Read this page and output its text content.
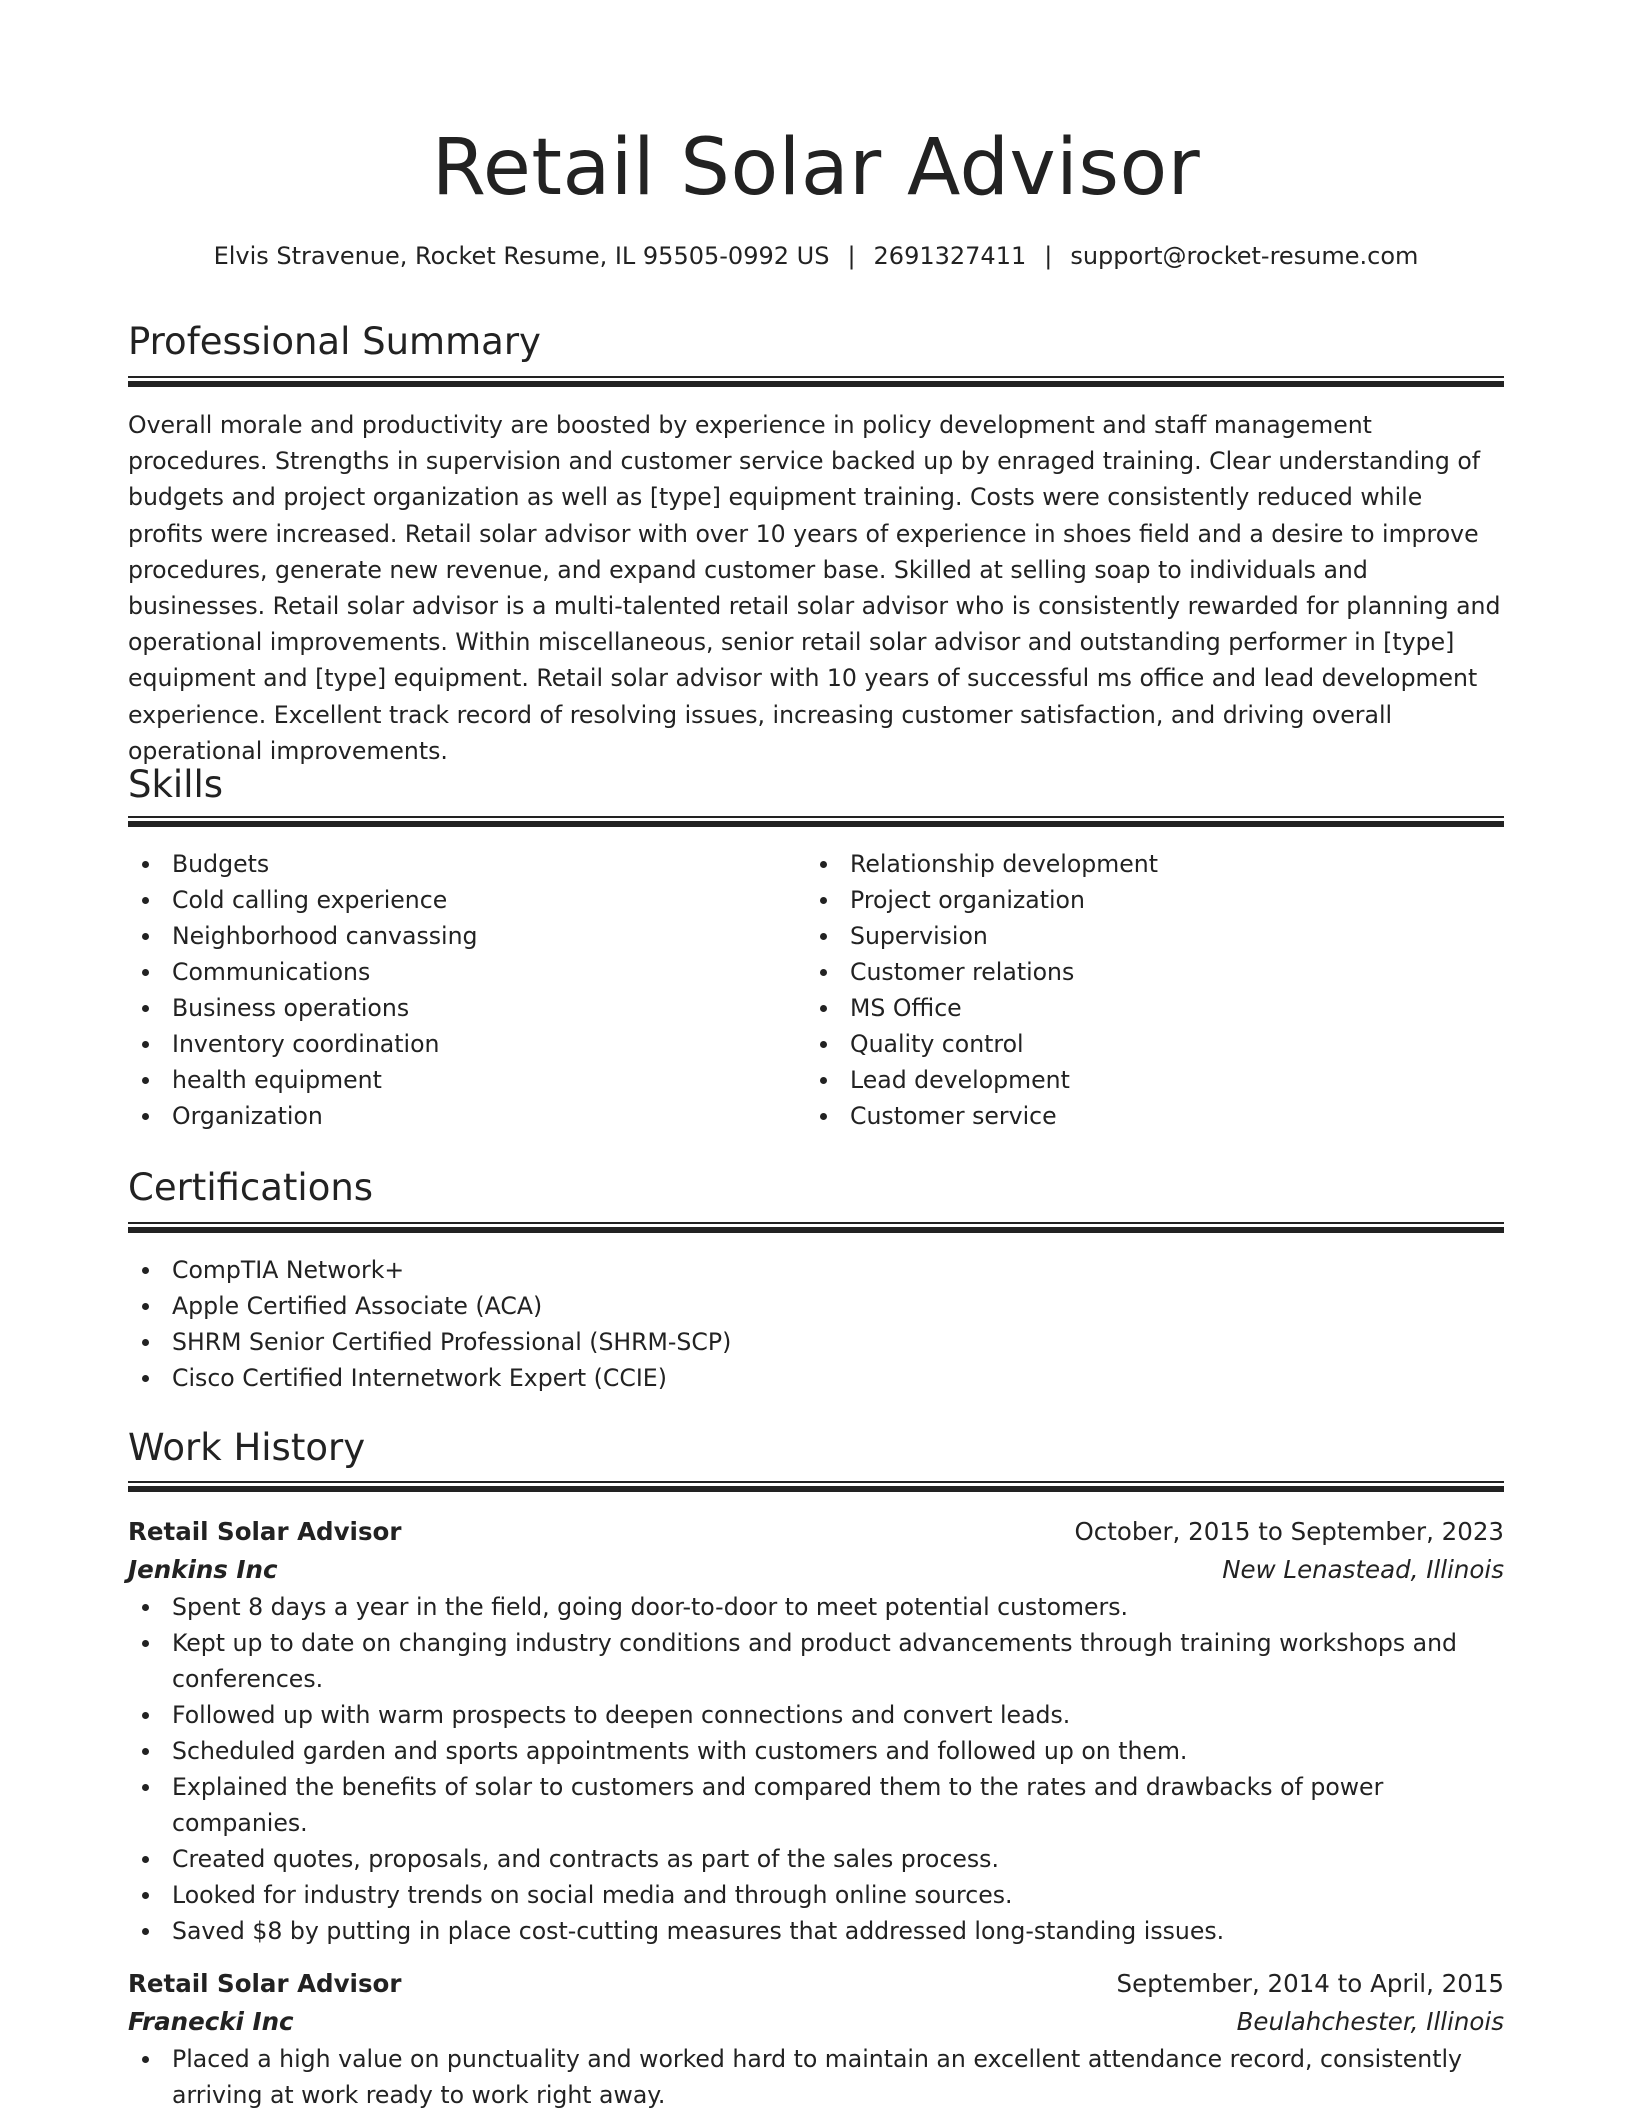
Retail Solar Advisor
Elvis Stravenue, Rocket Resume, IL 95505-0992 US | 2691327411 | support@rocket-resume.com
Professional Summary

Overall morale and productivity are boosted by experience in policy development and staff management procedures. Strengths in supervision and customer service backed up by enraged training. Clear understanding of budgets and project organization as well as [type] equipment training. Costs were consistently reduced while profits were increased. Retail solar advisor with over 10 years of experience in shoes field and a desire to improve procedures, generate new revenue, and expand customer base. Skilled at selling soap to individuals and businesses. Retail solar advisor is a multi-talented retail solar advisor who is consistently rewarded for planning and operational improvements. Within miscellaneous, senior retail solar advisor and outstanding performer in [type] equipment and [type] equipment. Retail solar advisor with 10 years of successful ms office and lead development experience. Excellent track record of resolving issues, increasing customer satisfaction, and driving overall operational improvements.

Skills
Budgets
Cold calling experience
Neighborhood canvassing
Communications
Business operations
Inventory coordination
health equipment
Organization
Relationship development
Project organization
Supervision
Customer relations
MS Office
Quality control
Lead development
Customer service
Certifications
CompTIA Network+
Apple Certified Associate (ACA)
SHRM Senior Certified Professional (SHRM-SCP)
Cisco Certified Internetwork Expert (CCIE)
Work History
Retail Solar Advisor	October, 2015 to September, 2023
Jenkins Inc	New Lenastead, Illinois
Spent 8 days a year in the field, going door-to-door to meet potential customers.
Kept up to date on changing industry conditions and product advancements through training workshops and conferences.
Followed up with warm prospects to deepen connections and convert leads.
Scheduled garden and sports appointments with customers and followed up on them.
Explained the benefits of solar to customers and compared them to the rates and drawbacks of power companies.
Created quotes, proposals, and contracts as part of the sales process.
Looked for industry trends on social media and through online sources.
Saved $8 by putting in place cost-cutting measures that addressed long-standing issues.
Retail Solar Advisor	September, 2014 to April, 2015
Franecki Inc	Beulahchester, Illinois
Placed a high value on punctuality and worked hard to maintain an excellent attendance record, consistently arriving at work ready to work right away.
